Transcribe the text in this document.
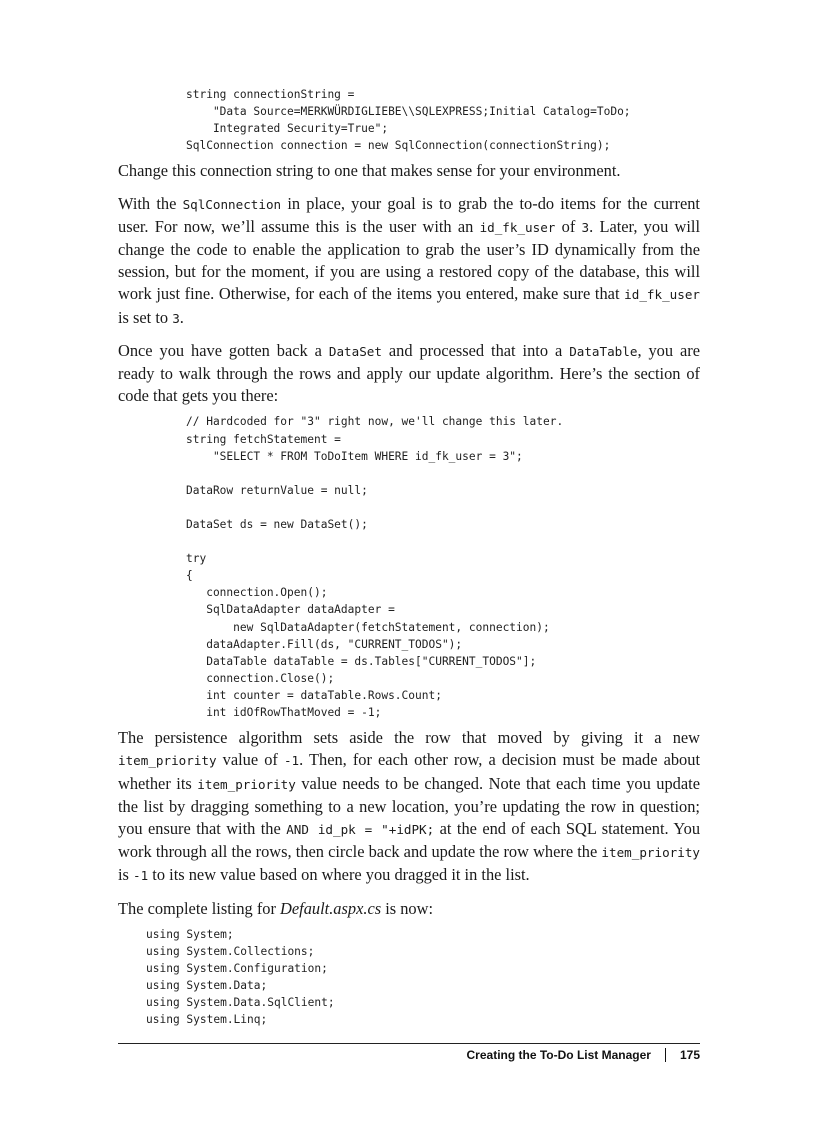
string connectionString =
"Data Source=MERKWÜRDIGLIEBE\\SQLEXPRESS;Initial Catalog=ToDo;
Integrated Security=True";
SqlConnection connection = new SqlConnection(connectionString);

Change this connection string to one that makes sense for your environment.

With the SqlConnection in place, your goal is to grab the to-do items for the current user. For now, we’ll assume this is the user with an id_fk_user of 3. Later, you will change the code to enable the application to grab the user’s ID dynamically from the session, but for the moment, if you are using a restored copy of the database, this will work just fine. Otherwise, for each of the items you entered, make sure that id_fk_user is set to 3.

Once you have gotten back a DataSet and processed that into a DataTable, you are ready to walk through the rows and apply our update algorithm. Here’s the section of code that gets you there:

// Hardcoded for "3" right now, we'll change this later.
string fetchStatement =
"SELECT * FROM ToDoItem WHERE id_fk_user = 3";

DataRow returnValue = null;

DataSet ds = new DataSet();

try
{
connection.Open();
SqlDataAdapter dataAdapter =
new SqlDataAdapter(fetchStatement, connection);
dataAdapter.Fill(ds, "CURRENT_TODOS");
DataTable dataTable = ds.Tables["CURRENT_TODOS"];
connection.Close();
int counter = dataTable.Rows.Count;
int idOfRowThatMoved = -1;

The persistence algorithm sets aside the row that moved by giving it a new item_priority value of -1. Then, for each other row, a decision must be made about whether its item_priority value needs to be changed. Note that each time you update the list by dragging something to a new location, you’re updating the row in question; you ensure that with the AND id_pk = "+idPK; at the end of each SQL statement. You work through all the rows, then circle back and update the row where the item_priority is -1 to its new value based on where you dragged it in the list.

The complete listing for Default.aspx.cs is now:

using System;
using System.Collections;
using System.Configuration;
using System.Data;
using System.Data.SqlClient;
using System.Linq;
Creating the To-Do List Manager 175
